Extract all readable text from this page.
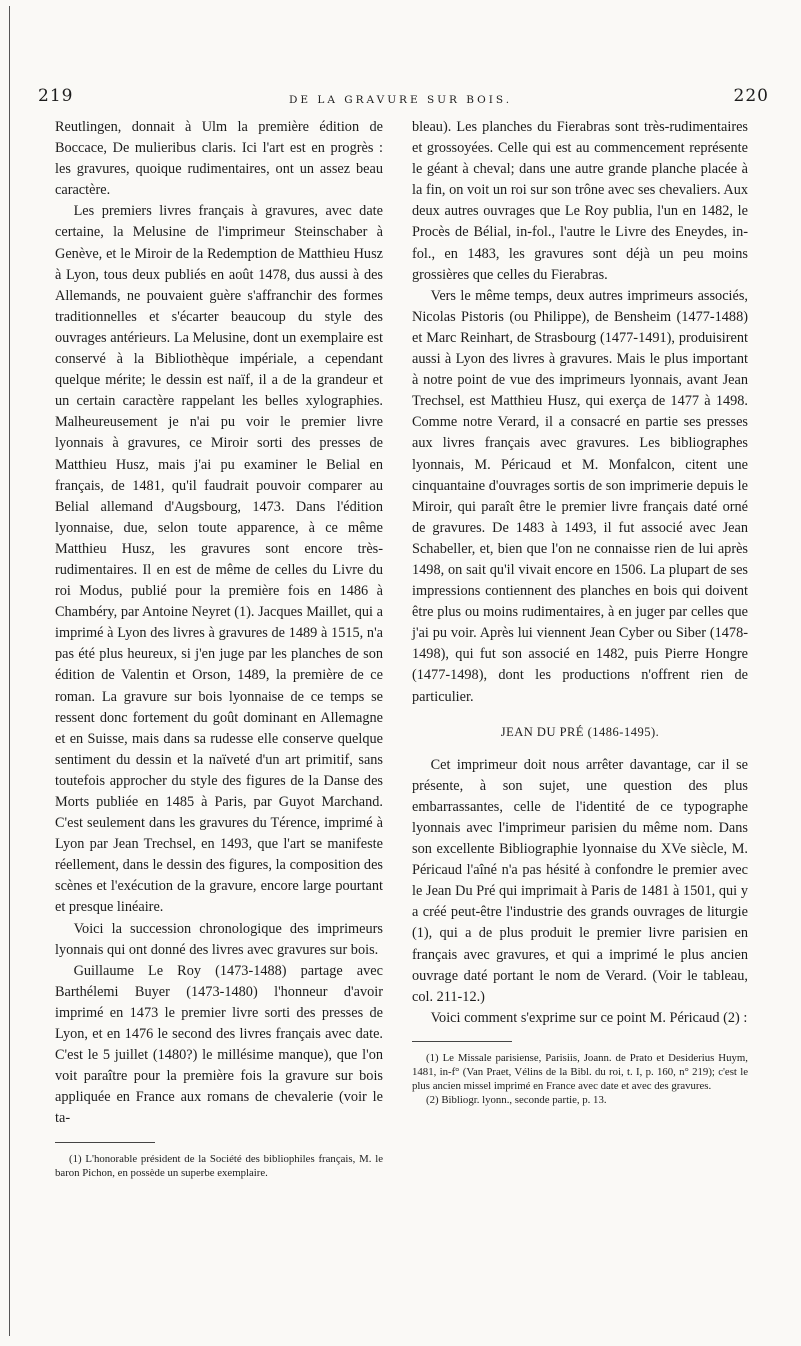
219	DE LA GRAVURE SUR BOIS.	220

Reutlingen, donnait à Ulm la première édition de Boccace, De mulieribus claris. Ici l'art est en progrès : les gravures, quoique rudimentaires, ont un assez beau caractère.

Les premiers livres français à gravures, avec date certaine, la Melusine de l'imprimeur Steinschaber à Genève, et le Miroir de la Redemption de Matthieu Husz à Lyon, tous deux publiés en août 1478, dus aussi à des Allemands, ne pouvaient guère s'affranchir des formes traditionnelles et s'écarter beaucoup du style des ouvrages antérieurs. La Melusine, dont un exemplaire est conservé à la Bibliothèque impériale, a cependant quelque mérite; le dessin est naïf, il a de la grandeur et un certain caractère rappelant les belles xylographies. Malheureusement je n'ai pu voir le premier livre lyonnais à gravures, ce Miroir sorti des presses de Matthieu Husz, mais j'ai pu examiner le Belial en français, de 1481, qu'il faudrait pouvoir comparer au Belial allemand d'Augsbourg, 1473. Dans l'édition lyonnaise, due, selon toute apparence, à ce même Matthieu Husz, les gravures sont encore très-rudimentaires. Il en est de même de celles du Livre du roi Modus, publié pour la première fois en 1486 à Chambéry, par Antoine Neyret (1). Jacques Maillet, qui a imprimé à Lyon des livres à gravures de 1489 à 1515, n'a pas été plus heureux, si j'en juge par les planches de son édition de Valentin et Orson, 1489, la première de ce roman. La gravure sur bois lyonnaise de ce temps se ressent donc fortement du goût dominant en Allemagne et en Suisse, mais dans sa rudesse elle conserve quelque sentiment du dessin et la naïveté d'un art primitif, sans toutefois approcher du style des figures de la Danse des Morts publiée en 1485 à Paris, par Guyot Marchand. C'est seulement dans les gravures du Térence, imprimé à Lyon par Jean Trechsel, en 1493, que l'art se manifeste réellement, dans le dessin des figures, la composition des scènes et l'exécution de la gravure, encore large pourtant et presque linéaire.

Voici la succession chronologique des imprimeurs lyonnais qui ont donné des livres avec gravures sur bois.

Guillaume Le Roy (1473-1488) partage avec Barthélemi Buyer (1473-1480) l'honneur d'avoir imprimé en 1473 le premier livre sorti des presses de Lyon, et en 1476 le second des livres français avec date. C'est le 5 juillet (1480?) le millésime manque), que l'on voit paraître pour la première fois la gravure sur bois appliquée en France aux romans de chevalerie (voir le ta-

(1) L'honorable président de la Société des bibliophiles français, M. le baron Pichon, en possède un superbe exemplaire.

bleau). Les planches du Fierabras sont très-rudimentaires et grossoyées. Celle qui est au commencement représente le géant à cheval; dans une autre grande planche placée à la fin, on voit un roi sur son trône avec ses chevaliers. Aux deux autres ouvrages que Le Roy publia, l'un en 1482, le Procès de Bélial, in-fol., l'autre le Livre des Eneydes, in-fol., en 1483, les gravures sont déjà un peu moins grossières que celles du Fierabras.

Vers le même temps, deux autres imprimeurs associés, Nicolas Pistoris (ou Philippe), de Bensheim (1477-1488) et Marc Reinhart, de Strasbourg (1477-1491), produisirent aussi à Lyon des livres à gravures. Mais le plus important à notre point de vue des imprimeurs lyonnais, avant Jean Trechsel, est Matthieu Husz, qui exerça de 1477 à 1498. Comme notre Verard, il a consacré en partie ses presses aux livres français avec gravures. Les bibliographes lyonnais, M. Péricaud et M. Monfalcon, citent une cinquantaine d'ouvrages sortis de son imprimerie depuis le Miroir, qui paraît être le premier livre français daté orné de gravures. De 1483 à 1493, il fut associé avec Jean Schabeller, et, bien que l'on ne connaisse rien de lui après 1498, on sait qu'il vivait encore en 1506. La plupart de ses impressions contiennent des planches en bois qui doivent être plus ou moins rudimentaires, à en juger par celles que j'ai pu voir. Après lui viennent Jean Cyber ou Siber (1478-1498), qui fut son associé en 1482, puis Pierre Hongre (1477-1498), dont les productions n'offrent rien de particulier.

JEAN DU PRÉ (1486-1495).

Cet imprimeur doit nous arrêter davantage, car il se présente, à son sujet, une question des plus embarrassantes, celle de l'identité de ce typographe lyonnais avec l'imprimeur parisien du même nom. Dans son excellente Bibliographie lyonnaise du XVe siècle, M. Péricaud l'aîné n'a pas hésité à confondre le premier avec le Jean Du Pré qui imprimait à Paris de 1481 à 1501, qui y a créé peut-être l'industrie des grands ouvrages de liturgie (1), qui a de plus produit le premier livre parisien en français avec gravures, et qui a imprimé le plus ancien ouvrage daté portant le nom de Verard. (Voir le tableau, col. 211-12.)

Voici comment s'exprime sur ce point M. Péricaud (2) :

(1) Le Missale parisiense, Parisiis, Joann. de Prato et Desiderius Huym, 1481, in-f° (Van Praet, Vélins de la Bibl. du roi, t. I, p. 160, n° 219); c'est le plus ancien missel imprimé en France avec date et avec des gravures.

(2) Bibliogr. lyonn., seconde partie, p. 13.
